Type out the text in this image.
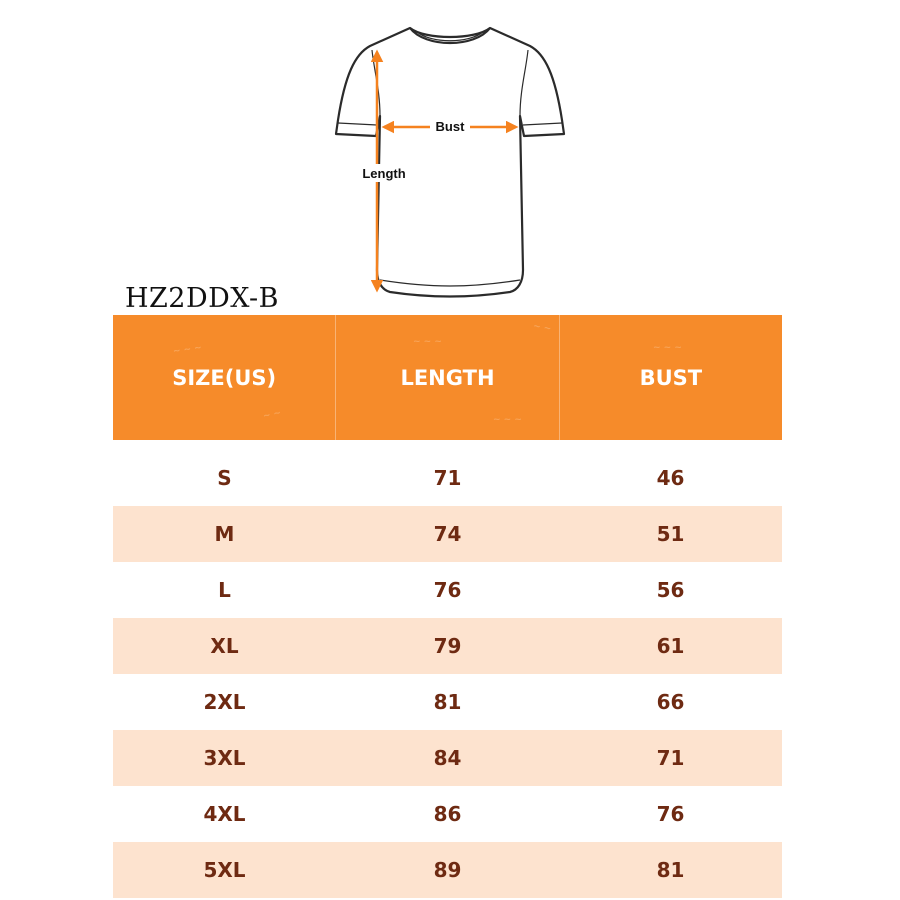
Bust
Length
HZ2DDX-B
~ ~ ~
~ ~ ~
~ ~
~ ~ ~
~ ~	~ ~ ~
SIZE(US)	LENGTH	BUST
S	71	46
M	74	51
L	76	56
XL	79	61
2XL	81	66
3XL	84	71
4XL	86	76
5XL	89	81
